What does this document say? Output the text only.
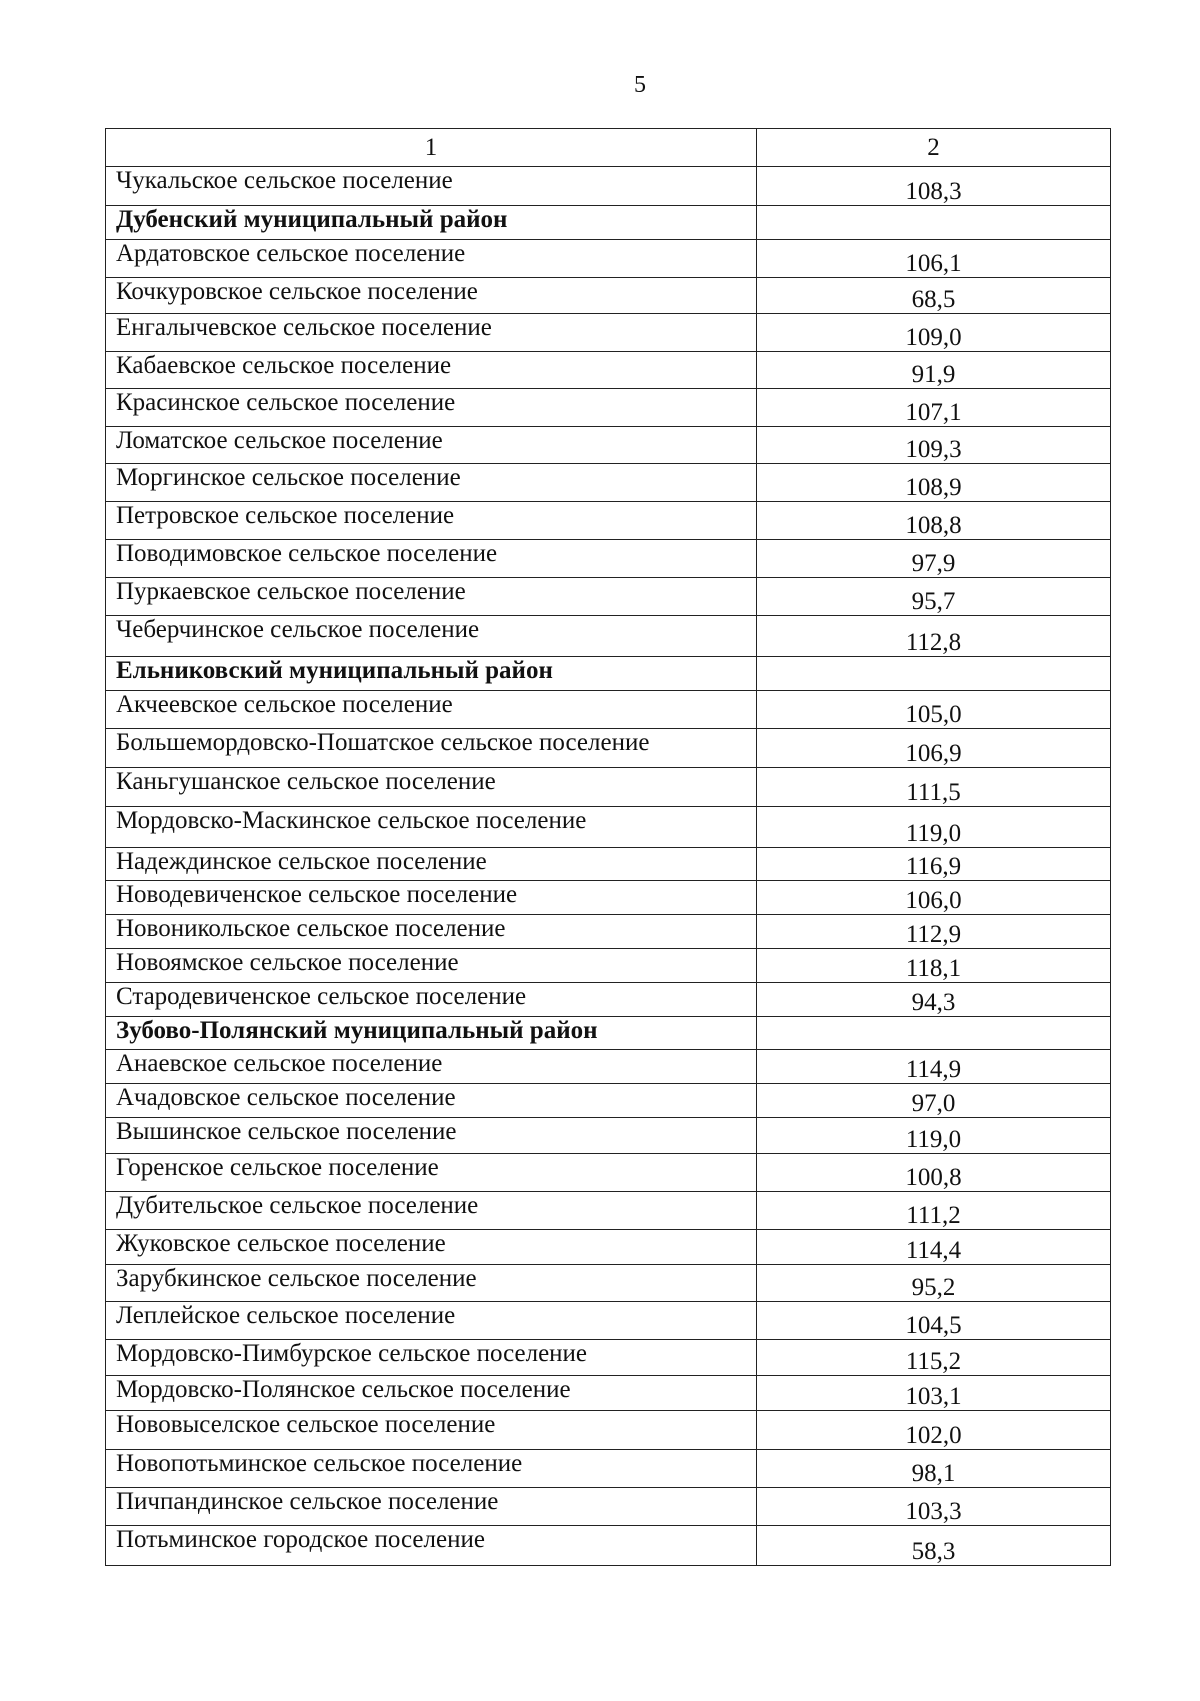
5
1	2
Чукальское сельское поселение	108,3
Дубенский муниципальный район	
Ардатовское сельское поселение	106,1
Кочкуровское сельское поселение	68,5
Енгалычевское сельское поселение	109,0
Кабаевское сельское поселение	91,9
Красинское сельское поселение	107,1
Ломатское сельское поселение	109,3
Моргинское сельское поселение	108,9
Петровское сельское поселение	108,8
Поводимовское сельское поселение	97,9
Пуркаевское сельское поселение	95,7
Чеберчинское сельское поселение	112,8
Ельниковский муниципальный район	
Акчеевское сельское поселение	105,0
Большемордовско-Пошатское сельское поселение	106,9
Каньгушанское сельское поселение	111,5
Мордовско-Маскинское сельское поселение	119,0
Надеждинское сельское поселение	116,9
Новодевиченское сельское поселение	106,0
Новоникольское сельское поселение	112,9
Новоямское сельское поселение	118,1
Стародевиченское сельское поселение	94,3
Зубово-Полянский муниципальный район	
Анаевское сельское поселение	114,9
Ачадовское сельское поселение	97,0
Вышинское сельское поселение	119,0
Горенское сельское поселение	100,8
Дубительское сельское поселение	111,2
Жуковское сельское поселение	114,4
Зарубкинское сельское поселение	95,2
Леплейское сельское поселение	104,5
Мордовско-Пимбурское сельское поселение	115,2
Мордовско-Полянское сельское поселение	103,1
Нововыселское сельское поселение	102,0
Новопотьминское сельское поселение	98,1
Пичпандинское сельское поселение	103,3
Потьминское городское поселение	58,3
